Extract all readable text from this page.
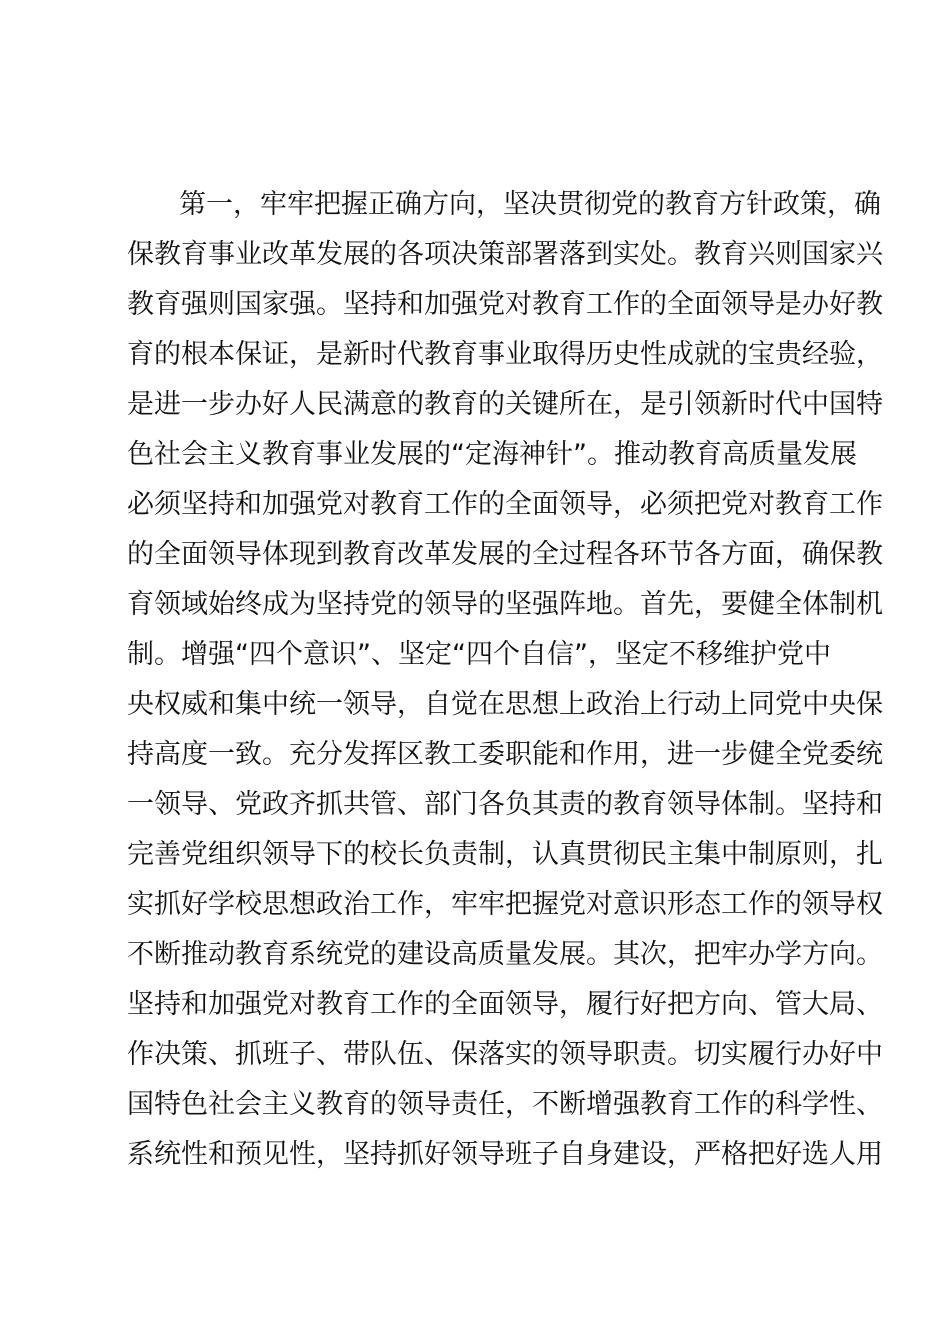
第一，牢牢把握正确方向，坚决贯彻党的教育方针政策，确
保教育事业改革发展的各项决策部署落到实处。教育兴则国家兴
教育强则国家强。坚持和加强党对教育工作的全面领导是办好教
育的根本保证，是新时代教育事业取得历史性成就的宝贵经验，
是进一步办好人民满意的教育的关键所在，是引领新时代中国特
色社会主义教育事业发展的“定海神针”。推动教育高质量发展
必须坚持和加强党对教育工作的全面领导，必须把党对教育工作
的全面领导体现到教育改革发展的全过程各环节各方面，确保教
育领域始终成为坚持党的领导的坚强阵地。首先，要健全体制机
制。增强“四个意识”、坚定“四个自信”，坚定不移维护党中
央权威和集中统一领导，自觉在思想上政治上行动上同党中央保
持高度一致。充分发挥区教工委职能和作用，进一步健全党委统
一领导、党政齐抓共管、部门各负其责的教育领导体制。坚持和
完善党组织领导下的校长负责制，认真贯彻民主集中制原则，扎
实抓好学校思想政治工作，牢牢把握党对意识形态工作的领导权
不断推动教育系统党的建设高质量发展。其次，把牢办学方向。
坚持和加强党对教育工作的全面领导，履行好把方向、管大局、
作决策、抓班子、带队伍、保落实的领导职责。切实履行办好中
国特色社会主义教育的领导责任，不断增强教育工作的科学性、
系统性和预见性，坚持抓好领导班子自身建设，严格把好选人用
